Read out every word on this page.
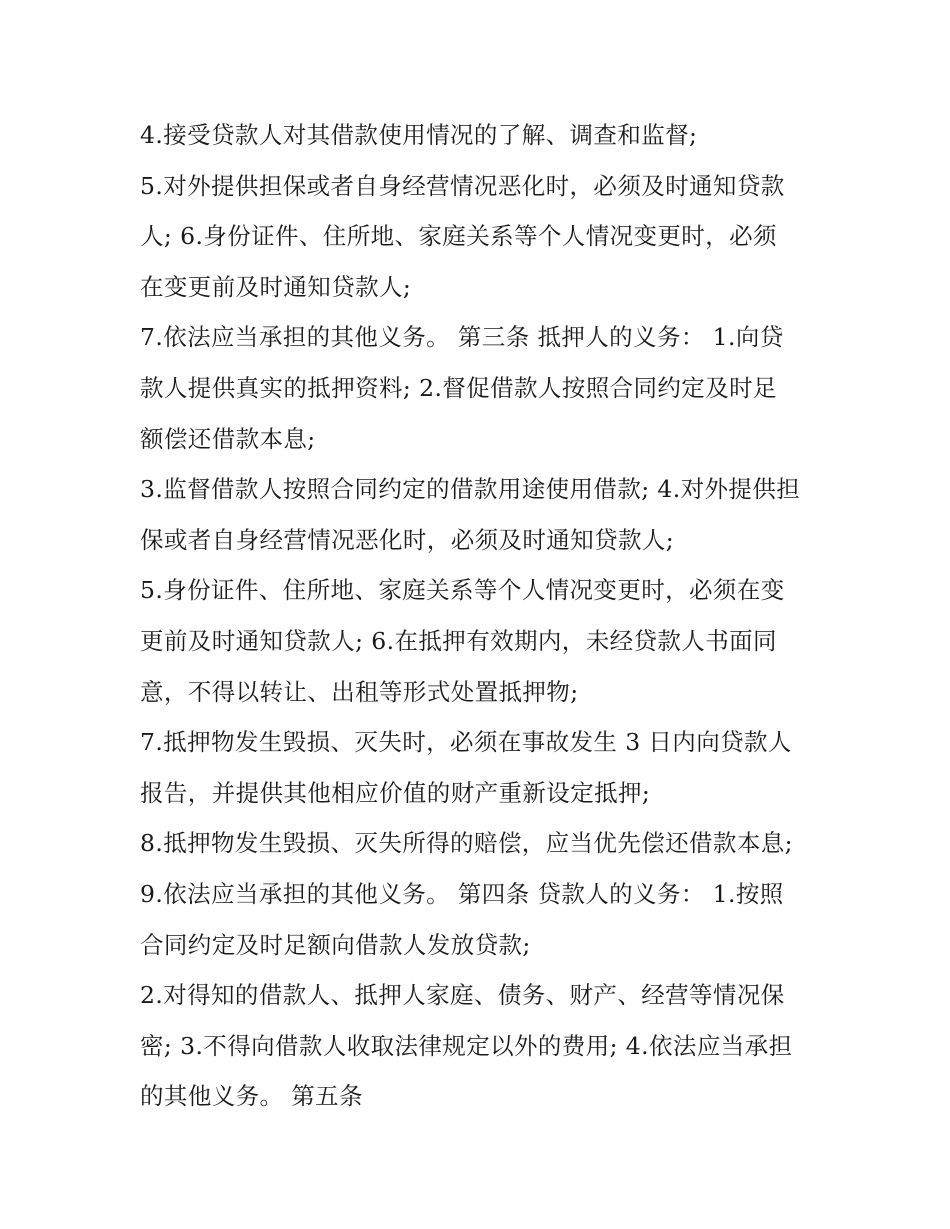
4.接受贷款人对其借款使用情况的了解、调查和监督;

5.对外提供担保或者自身经营情况恶化时，必须及时通知贷款
人; 6.身份证件、住所地、家庭关系等个人情况变更时，必须
在变更前及时通知贷款人;

7.依法应当承担的其他义务。 第三条 抵押人的义务： 1.向贷
款人提供真实的抵押资料; 2.督促借款人按照合同约定及时足
额偿还借款本息;

3.监督借款人按照合同约定的借款用途使用借款; 4.对外提供担
保或者自身经营情况恶化时，必须及时通知贷款人;

5.身份证件、住所地、家庭关系等个人情况变更时，必须在变
更前及时通知贷款人; 6.在抵押有效期内，未经贷款人书面同
意，不得以转让、出租等形式处置抵押物;

7.抵押物发生毁损、灭失时，必须在事故发生 3 日内向贷款人
报告，并提供其他相应价值的财产重新设定抵押;

8.抵押物发生毁损、灭失所得的赔偿，应当优先偿还借款本息;

9.依法应当承担的其他义务。 第四条 贷款人的义务： 1.按照
合同约定及时足额向借款人发放贷款;

2.对得知的借款人、抵押人家庭、债务、财产、经营等情况保
密; 3.不得向借款人收取法律规定以外的费用; 4.依法应当承担
的其他义务。 第五条
